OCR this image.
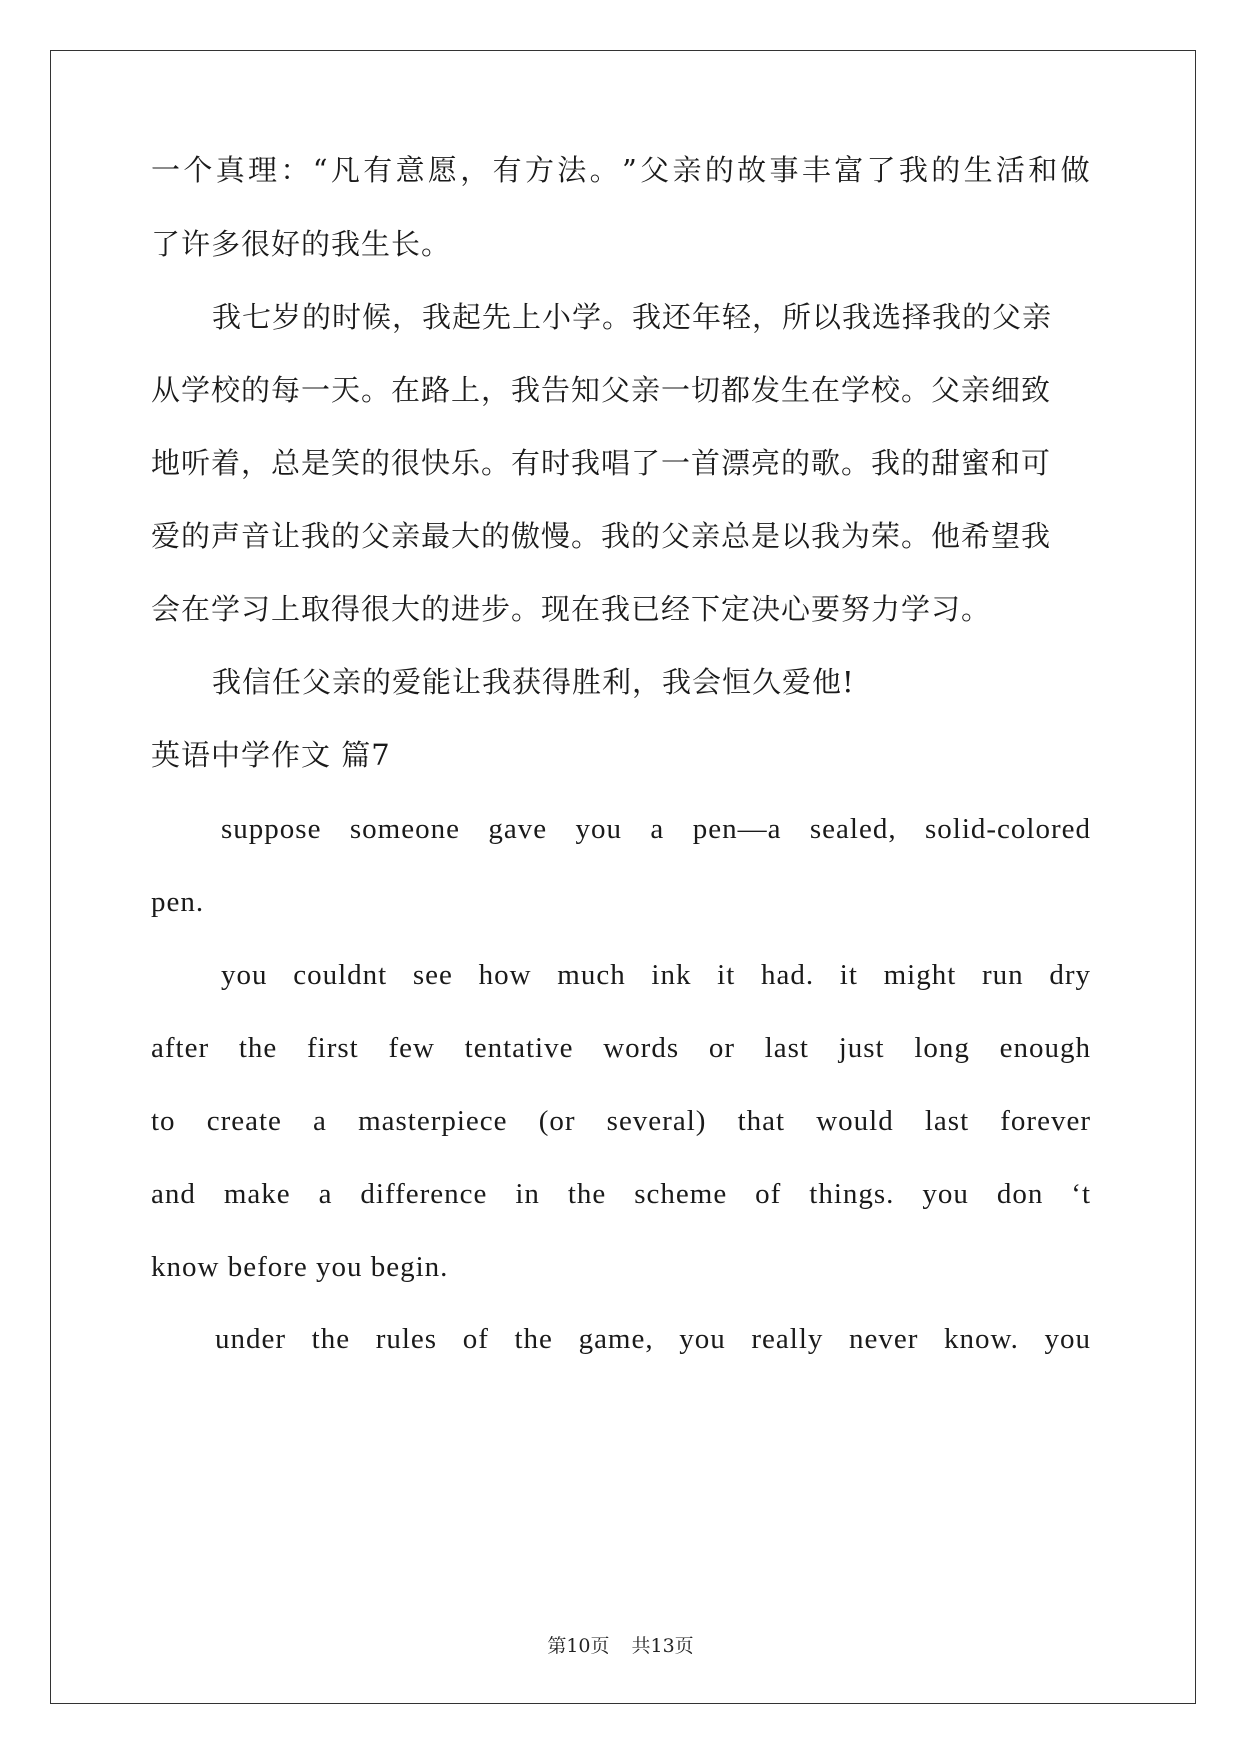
一 个 真 理 ： “ 凡 有 意 愿 ， 有 方 法 。 ” 父 亲 的 故 事 丰 富 了 我 的 生 活 和 做
了许多很好的我生长。
我七岁的时候，我起先上小学。我还年轻，所以我选择我的父亲
从学校的每一天。在路上，我告知父亲一切都发生在学校。父亲细致
地听着，总是笑的很快乐。有时我唱了一首漂亮的歌。我的甜蜜和可
爱的声音让我的父亲最大的傲慢。我的父亲总是以我为荣。他希望我
会在学习上取得很大的进步。现在我已经下定决心要努力学习。
我信任父亲的爱能让我获得胜利，我会恒久爱他!
英语中学作文 篇7
suppose someone gave you a pen—a sealed, solid-colored
pen.
you couldnt see how much ink it had. it might run dry
after the first few tentative words or last just long enough
to create a masterpiece (or several) that would last forever
and make a difference in the scheme of things. you don ‘t
know before you begin.
under the rules of the game, you really never know. you
第10页 共13页
